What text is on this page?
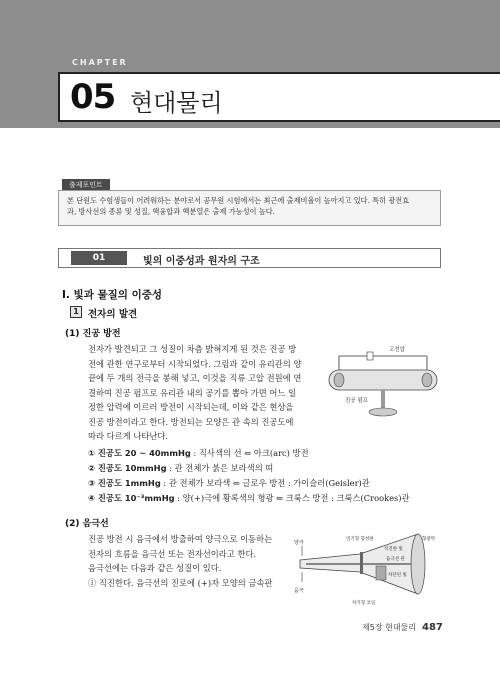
CHAPTER
05 현대물리
출제포인트
본 단원도 수험생들이 어려워하는 분야로서 공무원 시험에서는 최근에 출제비율이 높아지고 있다. 특히 광전효
과, 방사선의 종류 및 성질, 핵융합과 핵분열은 출제 가능성이 높다.
01	빛의 이중성과 원자의 구조
I. 빛과 물질의 이중성
1 전자의 발견
(1) 진공 방전
전자가 발견되고 그 성질이 차츰 밝혀지게 된 것은 진공 방
전에 관한 연구로부터 시작되었다. 그림과 같이 유리관의 양
끝에 두 개의 전극을 봉해 넣고, 이것을 직류 고압 전원에 연
결하여 진공 펌프로 유리관 내의 공기를 뽑아 가면 어느 일
정한 압력에 이르러 방전이 시작되는데, 이와 같은 현상을
진공 방전이라고 한다. 방전되는 모양은 관 속의 진공도에
따라 다르게 나타난다.
① 진공도 20 ~ 40mmHg : 직사색의 선 ⇐ 아크(arc) 방전
② 진공도 10mmHg : 관 전체가 붉은 보라색의 띠
③ 진공도 1mmHg : 관 전체가 보라색 ⇐ 글로우 방전 : 가이슬러(Geisler)관
④ 진공도 10⁻³mmHg : 양(+)극에 황록색의 형광 ⇐ 크룩스 방전 : 크룩스(Crookes)관
고전압
진공 펌프
(2) 음극선
진공 방전 시 음극에서 방출하여 양극으로 이동하는
전자의 흐름을 음극선 또는 전자선이라고 한다.
음극선에는 다음과 같은 성질이 있다.
① 직진한다. 음극선의 진로에 (+)자 모양의 금속판
양극
음극
연기형 형성판	형광막
직진한 빛
음극선 관
차단된 빛
차기형 코일
제5장 현대물리 487
